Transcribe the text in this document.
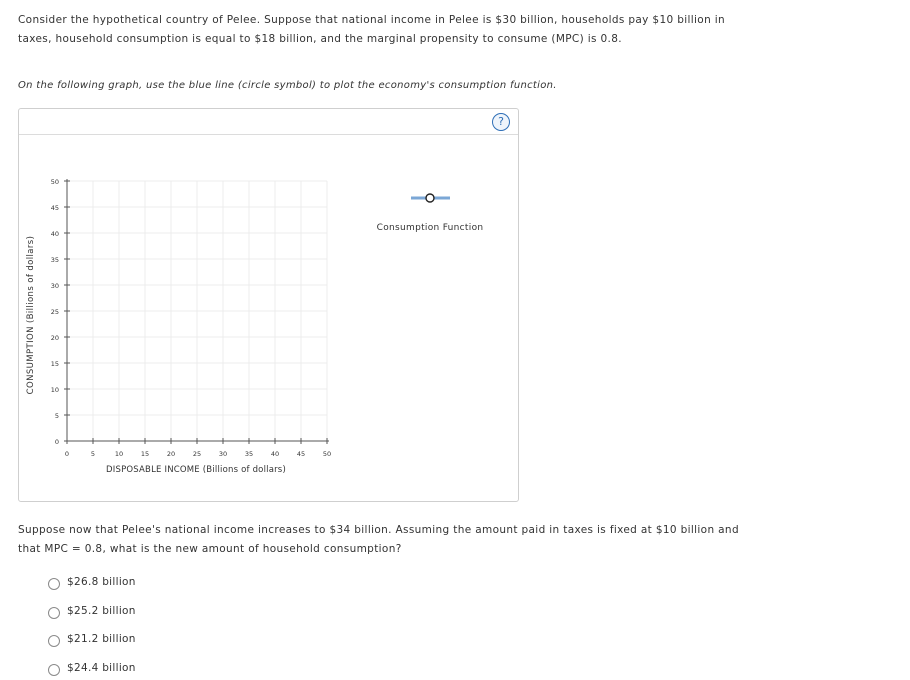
Consider the hypothetical country of Pelee. Suppose that national income in Pelee is $30 billion, households pay $10 billion in

taxes, household consumption is equal to $18 billion, and the marginal propensity to consume (MPC) is 0.8.

On the following graph, use the blue line (circle symbol) to plot the economy's consumption function.
?
0
5
10
15
20
25
30
35
40
45
50
0	5	10	15	20	25	30	35	40	45	50
CONSUMPTION (Billions of dollars)
DISPOSABLE INCOME (Billions of dollars)
Consumption Function

Suppose now that Pelee's national income increases to $34 billion. Assuming the amount paid in taxes is fixed at $10 billion and

that MPC = 0.8, what is the new amount of household consumption?

$26.8 billion
$25.2 billion
$21.2 billion
$24.4 billion
